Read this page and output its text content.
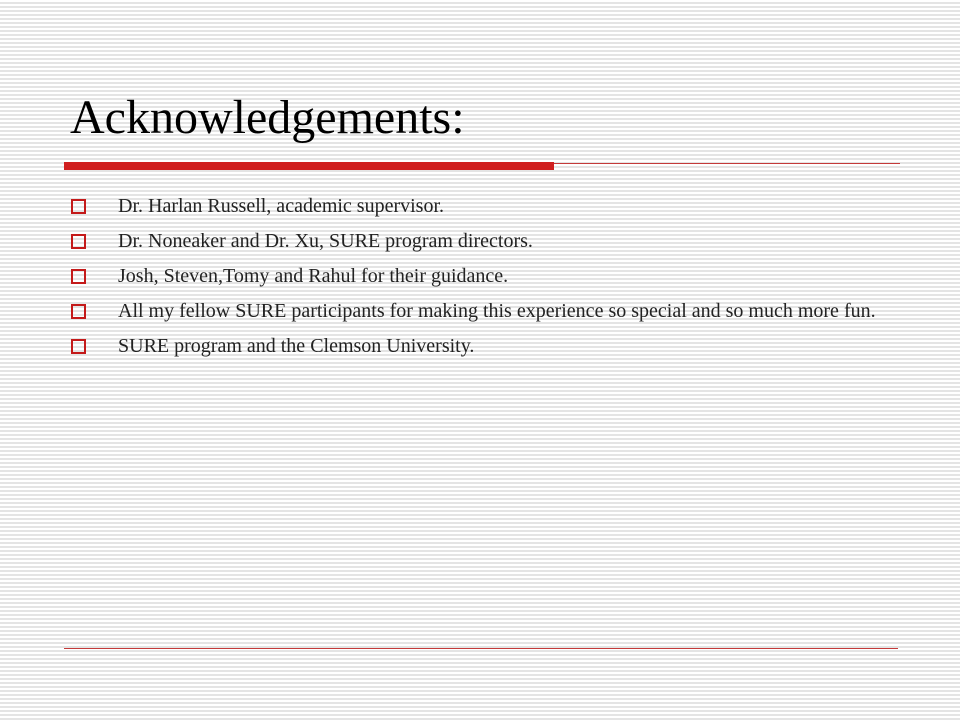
Acknowledgements:
Dr. Harlan Russell, academic supervisor.
Dr. Noneaker and Dr. Xu, SURE program directors.
Josh, Steven,Tomy and Rahul for their guidance.
All my fellow SURE participants for making this experience so special and so much more fun.
SURE program and the Clemson University.
